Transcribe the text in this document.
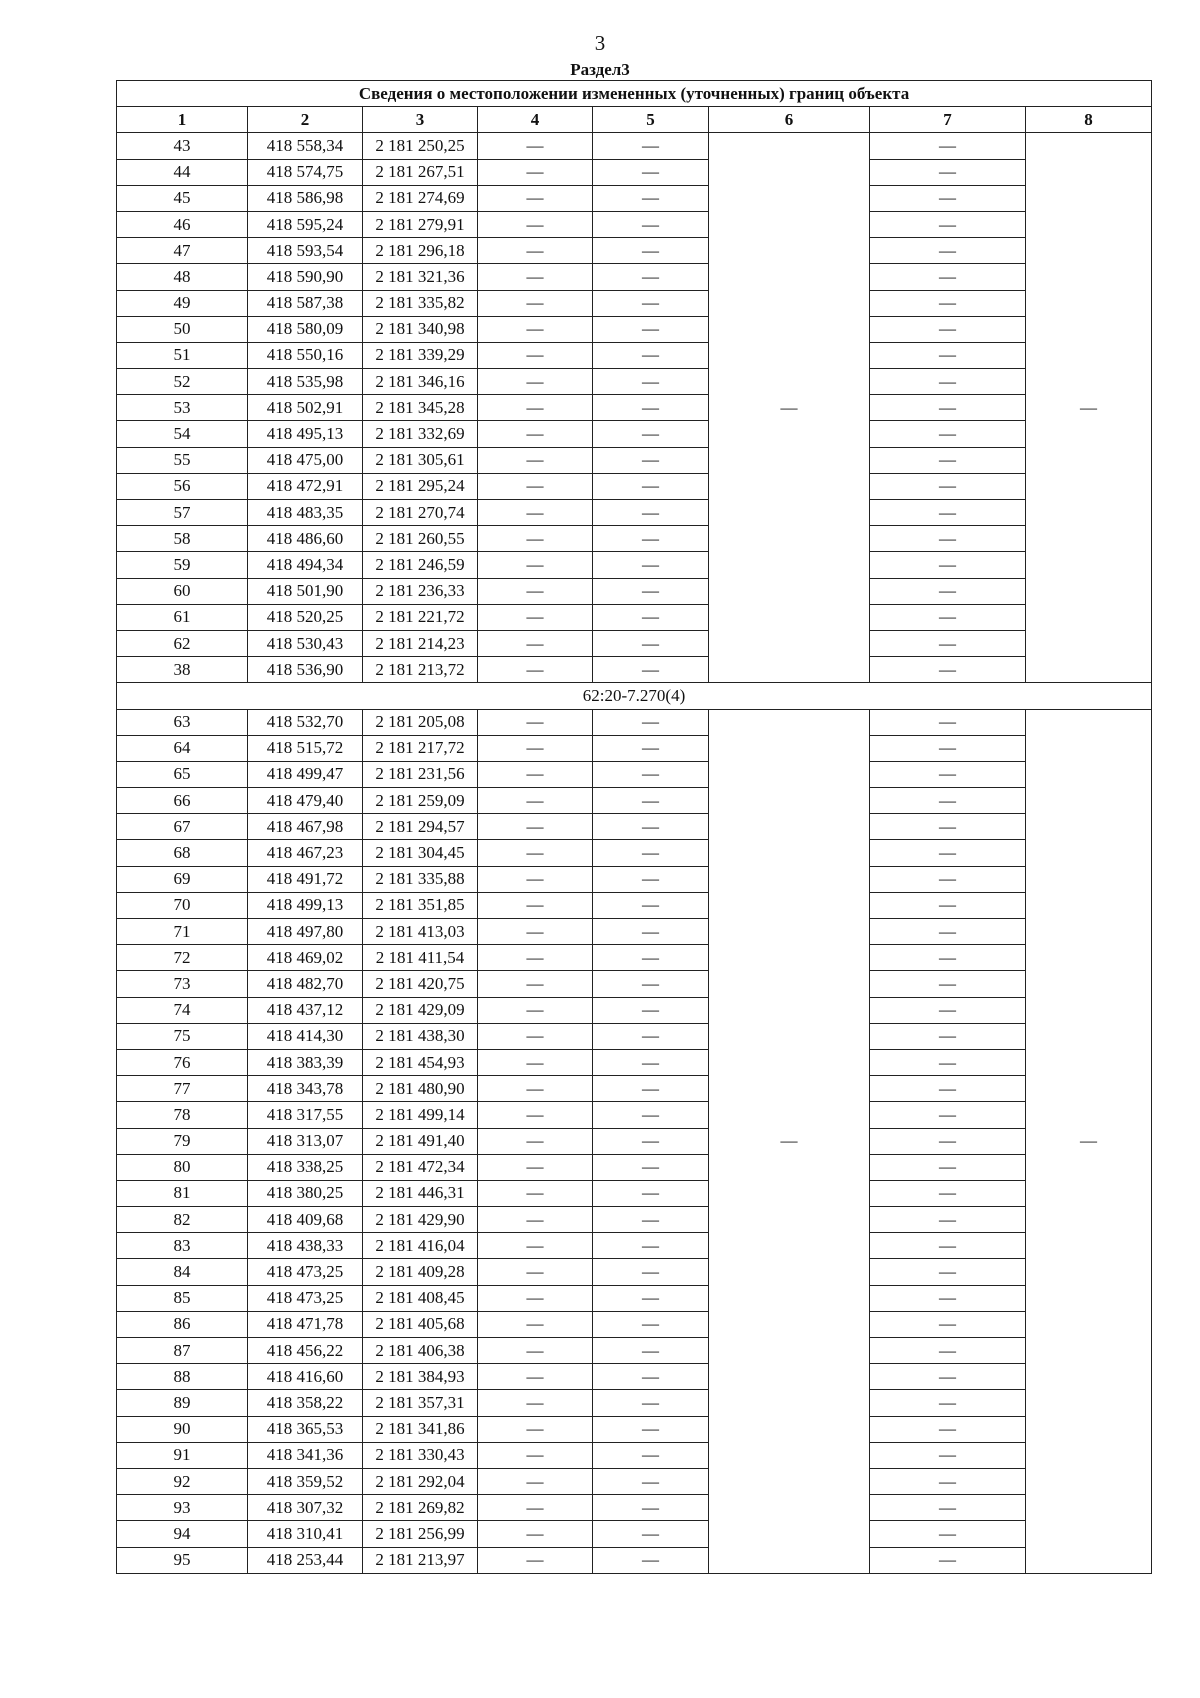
3
Раздел3
Сведения о местоположении измененных (уточненных) границ объекта							
1	2	3	4	5	6	7	8
43	418 558,34	2 181 250,25	—	—	—	—	—
44	418 574,75	2 181 267,51	—	—		—	
45	418 586,98	2 181 274,69	—	—		—	
46	418 595,24	2 181 279,91	—	—		—	
47	418 593,54	2 181 296,18	—	—		—	
48	418 590,90	2 181 321,36	—	—		—	
49	418 587,38	2 181 335,82	—	—		—	
50	418 580,09	2 181 340,98	—	—		—	
51	418 550,16	2 181 339,29	—	—		—	
52	418 535,98	2 181 346,16	—	—		—	
53	418 502,91	2 181 345,28	—	—		—	
54	418 495,13	2 181 332,69	—	—		—	
55	418 475,00	2 181 305,61	—	—		—	
56	418 472,91	2 181 295,24	—	—		—	
57	418 483,35	2 181 270,74	—	—		—	
58	418 486,60	2 181 260,55	—	—		—	
59	418 494,34	2 181 246,59	—	—		—	
60	418 501,90	2 181 236,33	—	—		—	
61	418 520,25	2 181 221,72	—	—		—	
62	418 530,43	2 181 214,23	—	—		—	
38	418 536,90	2 181 213,72	—	—		—	
62:20-7.270(4)							
63	418 532,70	2 181 205,08	—	—	—	—	—
64	418 515,72	2 181 217,72	—	—		—	
65	418 499,47	2 181 231,56	—	—		—	
66	418 479,40	2 181 259,09	—	—		—	
67	418 467,98	2 181 294,57	—	—		—	
68	418 467,23	2 181 304,45	—	—		—	
69	418 491,72	2 181 335,88	—	—		—	
70	418 499,13	2 181 351,85	—	—		—	
71	418 497,80	2 181 413,03	—	—		—	
72	418 469,02	2 181 411,54	—	—		—	
73	418 482,70	2 181 420,75	—	—		—	
74	418 437,12	2 181 429,09	—	—		—	
75	418 414,30	2 181 438,30	—	—		—	
76	418 383,39	2 181 454,93	—	—		—	
77	418 343,78	2 181 480,90	—	—		—	
78	418 317,55	2 181 499,14	—	—		—	
79	418 313,07	2 181 491,40	—	—		—	
80	418 338,25	2 181 472,34	—	—		—	
81	418 380,25	2 181 446,31	—	—		—	
82	418 409,68	2 181 429,90	—	—		—	
83	418 438,33	2 181 416,04	—	—		—	
84	418 473,25	2 181 409,28	—	—		—	
85	418 473,25	2 181 408,45	—	—		—	
86	418 471,78	2 181 405,68	—	—		—	
87	418 456,22	2 181 406,38	—	—		—	
88	418 416,60	2 181 384,93	—	—		—	
89	418 358,22	2 181 357,31	—	—		—	
90	418 365,53	2 181 341,86	—	—		—	
91	418 341,36	2 181 330,43	—	—		—	
92	418 359,52	2 181 292,04	—	—		—	
93	418 307,32	2 181 269,82	—	—		—	
94	418 310,41	2 181 256,99	—	—		—	
95	418 253,44	2 181 213,97	—	—		—	
